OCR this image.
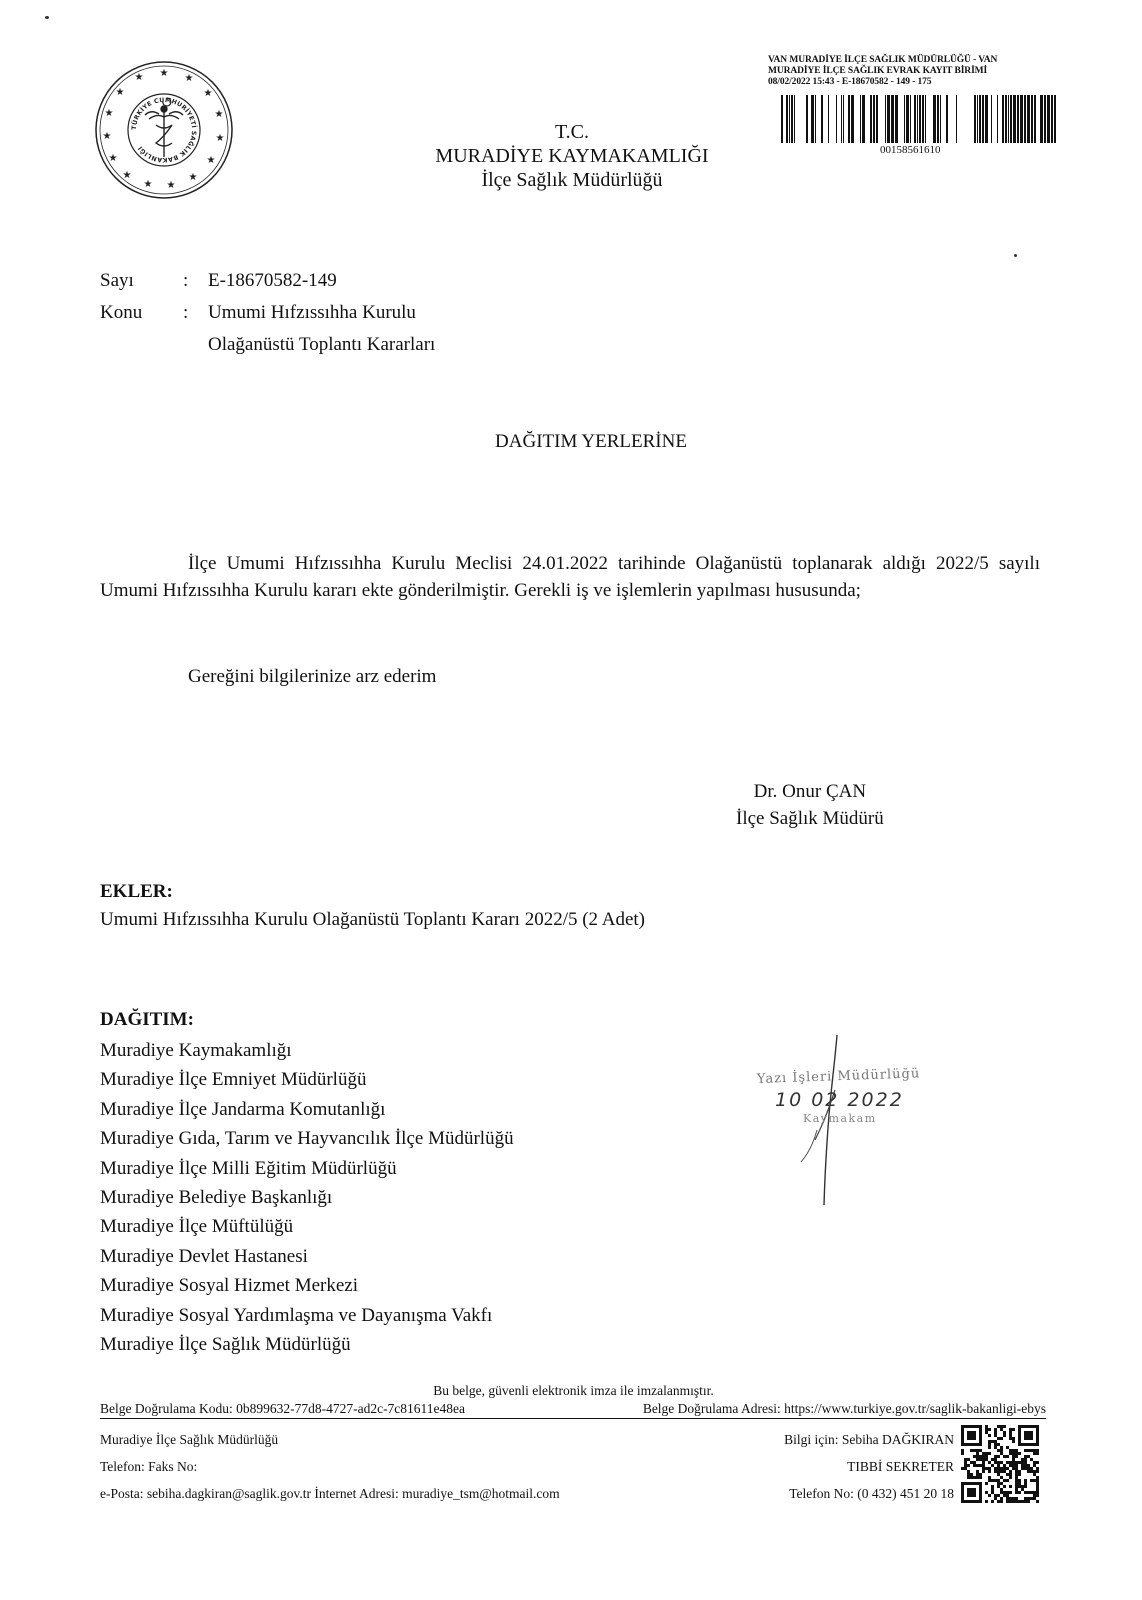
★ ★
★
★
★
★
★
★
★
★
★
★
★
★
★
TÜRKİYE CUMHURİYETİ SAĞLIK BAKANLIĞI
T.C.
MURADİYE KAYMAKAMLIĞI
İlçe Sağlık Müdürlüğü
VAN MURADİYE İLÇE SAĞLIK MÜDÜRLÜĞÜ - VAN
MURADİYE İLÇE SAĞLIK EVRAK KAYIT BİRİMİ
08/02/2022 15:43 - E-18670582 - 149 - 175
00158561610
Sayı	: E-18670582-149
Konu : Umumi Hıfzıssıhha Kurulu
Olağanüstü Toplantı Kararları
DAĞITIM YERLERİNE
İlçe Umumi Hıfzıssıhha Kurulu Meclisi 24.01.2022 tarihinde Olağanüstü toplanarak aldığı 2022/5 sayılı Umumi Hıfzıssıhha Kurulu kararı ekte gönderilmiştir. Gerekli iş ve işlemlerin yapılması hususunda;
Gereğini bilgilerinize arz ederim
Dr. Onur ÇAN
İlçe Sağlık Müdürü
EKLER:
Umumi Hıfzıssıhha Kurulu Olağanüstü Toplantı Kararı 2022/5 (2 Adet)
DAĞITIM:
Muradiye Kaymakamlığı
Muradiye İlçe Emniyet Müdürlüğü
Muradiye İlçe Jandarma Komutanlığı
Muradiye Gıda, Tarım ve Hayvancılık İlçe Müdürlüğü
Muradiye İlçe Milli Eğitim Müdürlüğü
Muradiye Belediye Başkanlığı
Muradiye İlçe Müftülüğü
Muradiye Devlet Hastanesi
Muradiye Sosyal Hizmet Merkezi
Muradiye Sosyal Yardımlaşma ve Dayanışma Vakfı
Muradiye İlçe Sağlık Müdürlüğü
Yazı İşleri Müdürlüğü
10 02 2022
Kaymakam
Bu belge, güvenli elektronik imza ile imzalanmıştır.
Belge Doğrulama Kodu: 0b899632-77d8-4727-ad2c-7c81611e48ea	Belge Doğrulama Adresi: https://www.turkiye.gov.tr/saglik-bakanligi-ebys
Muradiye İlçe Sağlık Müdürlüğü
Telefon: Faks No:
e-Posta: sebiha.dagkiran@saglik.gov.tr İnternet Adresi: muradiye_tsm@hotmail.com
Bilgi için: Sebiha DAĞKIRAN
TIBBİ SEKRETER
Telefon No: (0 432) 451 20 18
